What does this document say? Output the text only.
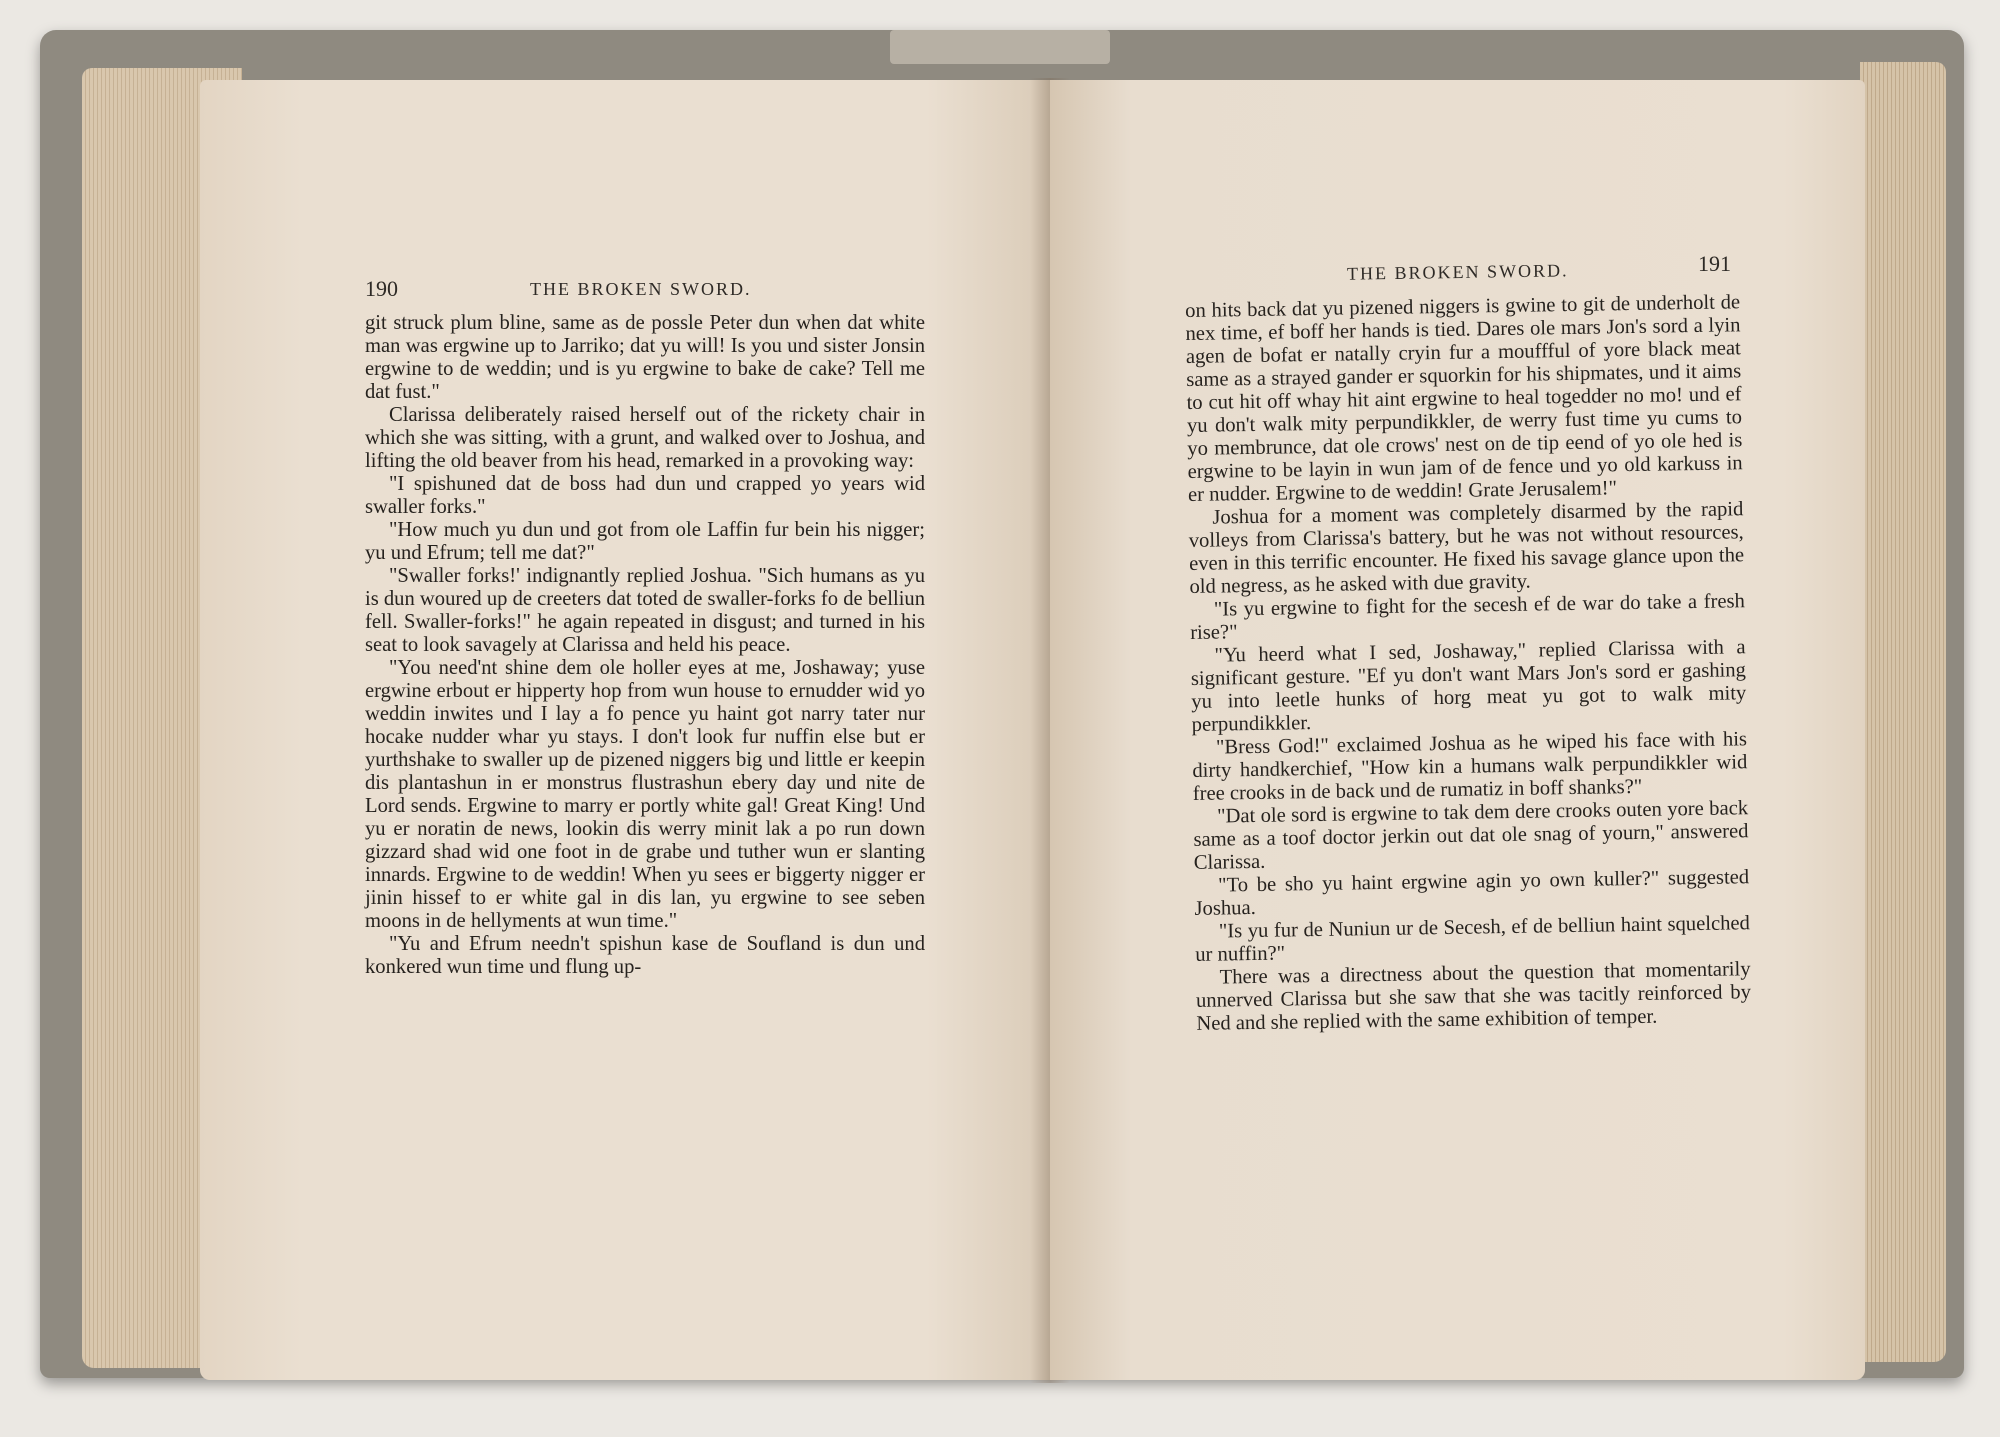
190	THE BROKEN SWORD.

git struck plum bline, same as de possle Peter dun when dat white man was ergwine up to Jarriko; dat yu will! Is you und sister Jonsin ergwine to de weddin; und is yu ergwine to bake de cake? Tell me dat fust."

Clarissa deliberately raised herself out of the rickety chair in which she was sitting, with a grunt, and walked over to Joshua, and lifting the old beaver from his head, remarked in a provoking way:

"I spishuned dat de boss had dun und crapped yo years wid swaller forks."

"How much yu dun und got from ole Laffin fur bein his nigger; yu und Efrum; tell me dat?"

"Swaller forks!' indignantly replied Joshua. "Sich humans as yu is dun woured up de creeters dat toted de swaller-forks fo de belliun fell. Swaller-forks!" he again repeated in disgust; and turned in his seat to look savagely at Clarissa and held his peace.

"You need'nt shine dem ole holler eyes at me, Joshaway; yuse ergwine erbout er hipperty hop from wun house to ernudder wid yo weddin inwites und I lay a fo pence yu haint got narry tater nur hocake nudder whar yu stays. I don't look fur nuffin else but er yurthshake to swaller up de pizened niggers big und little er keepin dis plantashun in er monstrus flustrashun ebery day und nite de Lord sends. Ergwine to marry er portly white gal! Great King! Und yu er noratin de news, lookin dis werry minit lak a po run down gizzard shad wid one foot in de grabe und tuther wun er slanting innards. Ergwine to de weddin! When yu sees er biggerty nigger er jinin hissef to er white gal in dis lan, yu ergwine to see seben moons in de hellyments at wun time."

"Yu and Efrum needn't spishun kase de Soufland is dun und konkered wun time und flung up-

THE BROKEN SWORD.	191

on hits back dat yu pizened niggers is gwine to git de underholt de nex time, ef boff her hands is tied. Dares ole mars Jon's sord a lyin agen de bofat er natally cryin fur a mouffful of yore black meat same as a strayed gander er squorkin for his shipmates, und it aims to cut hit off whay hit aint ergwine to heal togedder no mo! und ef yu don't walk mity perpundikkler, de werry fust time yu cums to yo membrunce, dat ole crows' nest on de tip eend of yo ole hed is ergwine to be layin in wun jam of de fence und yo old karkuss in er nudder. Ergwine to de weddin! Grate Jerusalem!"

Joshua for a moment was completely disarmed by the rapid volleys from Clarissa's battery, but he was not without resources, even in this terrific encounter. He fixed his savage glance upon the old negress, as he asked with due gravity.

"Is yu ergwine to fight for the secesh ef de war do take a fresh rise?"

"Yu heerd what I sed, Joshaway," replied Clarissa with a significant gesture. "Ef yu don't want Mars Jon's sord er gashing yu into leetle hunks of horg meat yu got to walk mity perpundikkler.

"Bress God!" exclaimed Joshua as he wiped his face with his dirty handkerchief, "How kin a humans walk perpundikkler wid free crooks in de back und de rumatiz in boff shanks?"

"Dat ole sord is ergwine to tak dem dere crooks outen yore back same as a toof doctor jerkin out dat ole snag of yourn," answered Clarissa.

"To be sho yu haint ergwine agin yo own kuller?" suggested Joshua.

"Is yu fur de Nuniun ur de Secesh, ef de belliun haint squelched ur nuffin?"

There was a directness about the question that momentarily unnerved Clarissa but she saw that she was tacitly reinforced by Ned and she replied with the same exhibition of temper.
